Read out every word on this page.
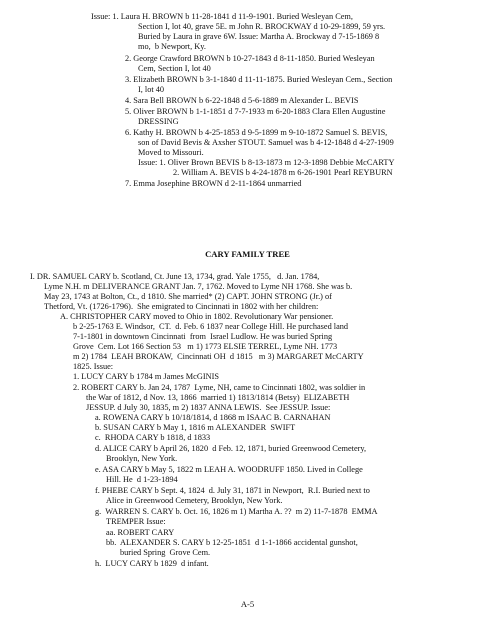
Issue: 1. Laura H. BROWN b 11-28-1841 d 11-9-1901. Buried Wesleyan Cem,
Section I, lot 40, grave 5E. m John R. BROCKWAY d 10-29-1899, 59 yrs.
Buried by Laura in grave 6W. Issue: Martha A. Brockway d 7-15-1869 8
mo,  b Newport, Ky.
2. George Crawford BROWN b 10-27-1843 d 8-11-1850. Buried Wesleyan
Cem, Section I, lot 40
3. Elizabeth BROWN b 3-1-1840 d 11-11-1875. Buried Wesleyan Cem., Section
I, lot 40
4. Sara Bell BROWN b 6-22-1848 d 5-6-1889 m Alexander L. BEVIS
5. Oliver BROWN b 1-1-1851 d 7-7-1933 m 6-20-1883 Clara Ellen Augustine
DRESSING
6. Kathy H. BROWN b 4-25-1853 d 9-5-1899 m 9-10-1872 Samuel S. BEVIS,
son of David Bevis & Axsher STOUT. Samuel was b 4-12-1848 d 4-27-1909
Moved to Missouri.
Issue: 1. Oliver Brown BEVIS b 8-13-1873 m 12-3-1898 Debbie McCARTY
2. William A. BEVIS b 4-24-1878 m 6-26-1901 Pearl REYBURN
7. Emma Josephine BROWN d 2-11-1864 unmarried
CARY FAMILY TREE
I. DR. SAMUEL CARY b. Scotland, Ct. June 13, 1734, grad. Yale 1755,   d. Jan. 1784,
Lyme N.H. m DELIVERANCE GRANT Jan. 7, 1762. Moved to Lyme NH 1768. She was b.
May 23, 1743 at Bolton, Ct., d 1810. She married* (2) CAPT. JOHN STRONG (Jr.) of
Thetford, Vt. (1726-1796).  She emigrated to Cincinnati in 1802 with her children:
A. CHRISTOPHER CARY moved to Ohio in 1802. Revolutionary War pensioner.
b 2-25-1763 E. Windsor,  CT.  d. Feb. 6 1837 near College Hill. He purchased land
7-1-1801 in downtown Cincinnati  from  Israel Ludlow. He was buried Spring
Grove  Cem. Lot 166 Section 53   m 1) 1773 ELSIE TERREL, Lyme NH. 1773
m 2) 1784  LEAH BROKAW,  Cincinnati OH  d 1815   m 3) MARGARET McCARTY
1825. Issue:
1. LUCY CARY b 1784 m James McGINIS
2. ROBERT CARY b. Jan 24, 1787  Lyme, NH, came to Cincinnati 1802, was soldier in
the War of 1812, d Nov. 13, 1866  married 1) 1813/1814 (Betsy)  ELIZABETH
JESSUP. d July 30, 1835, m 2) 1837 ANNA LEWIS.  See JESSUP. Issue:
a. ROWENA CARY b 10/18/1814, d 1868 m ISAAC B. CARNAHAN
b. SUSAN CARY b May 1, 1816 m ALEXANDER  SWIFT
c.  RHODA CARY b 1818, d 1833
d. ALICE CARY b April 26, 1820  d Feb. 12, 1871, buried Greenwood Cemetery,
Brooklyn, New York.
e. ASA CARY b May 5, 1822 m LEAH A. WOODRUFF 1850. Lived in College
Hill. He  d 1-23-1894
f. PHEBE CARY b Sept. 4, 1824  d. July 31, 1871 in Newport,  R.I. Buried next to
Alice in Greenwood Cemetery, Brooklyn, New York.
g.  WARREN S. CARY b. Oct. 16, 1826 m 1) Martha A. ??  m 2) 11-7-1878  EMMA
TREMPER Issue:
aa. ROBERT CARY
bb.  ALEXANDER S. CARY b 12-25-1851  d 1-1-1866 accidental gunshot,
buried Spring  Grove Cem.
h.  LUCY CARY b 1829  d infant.
A-5
